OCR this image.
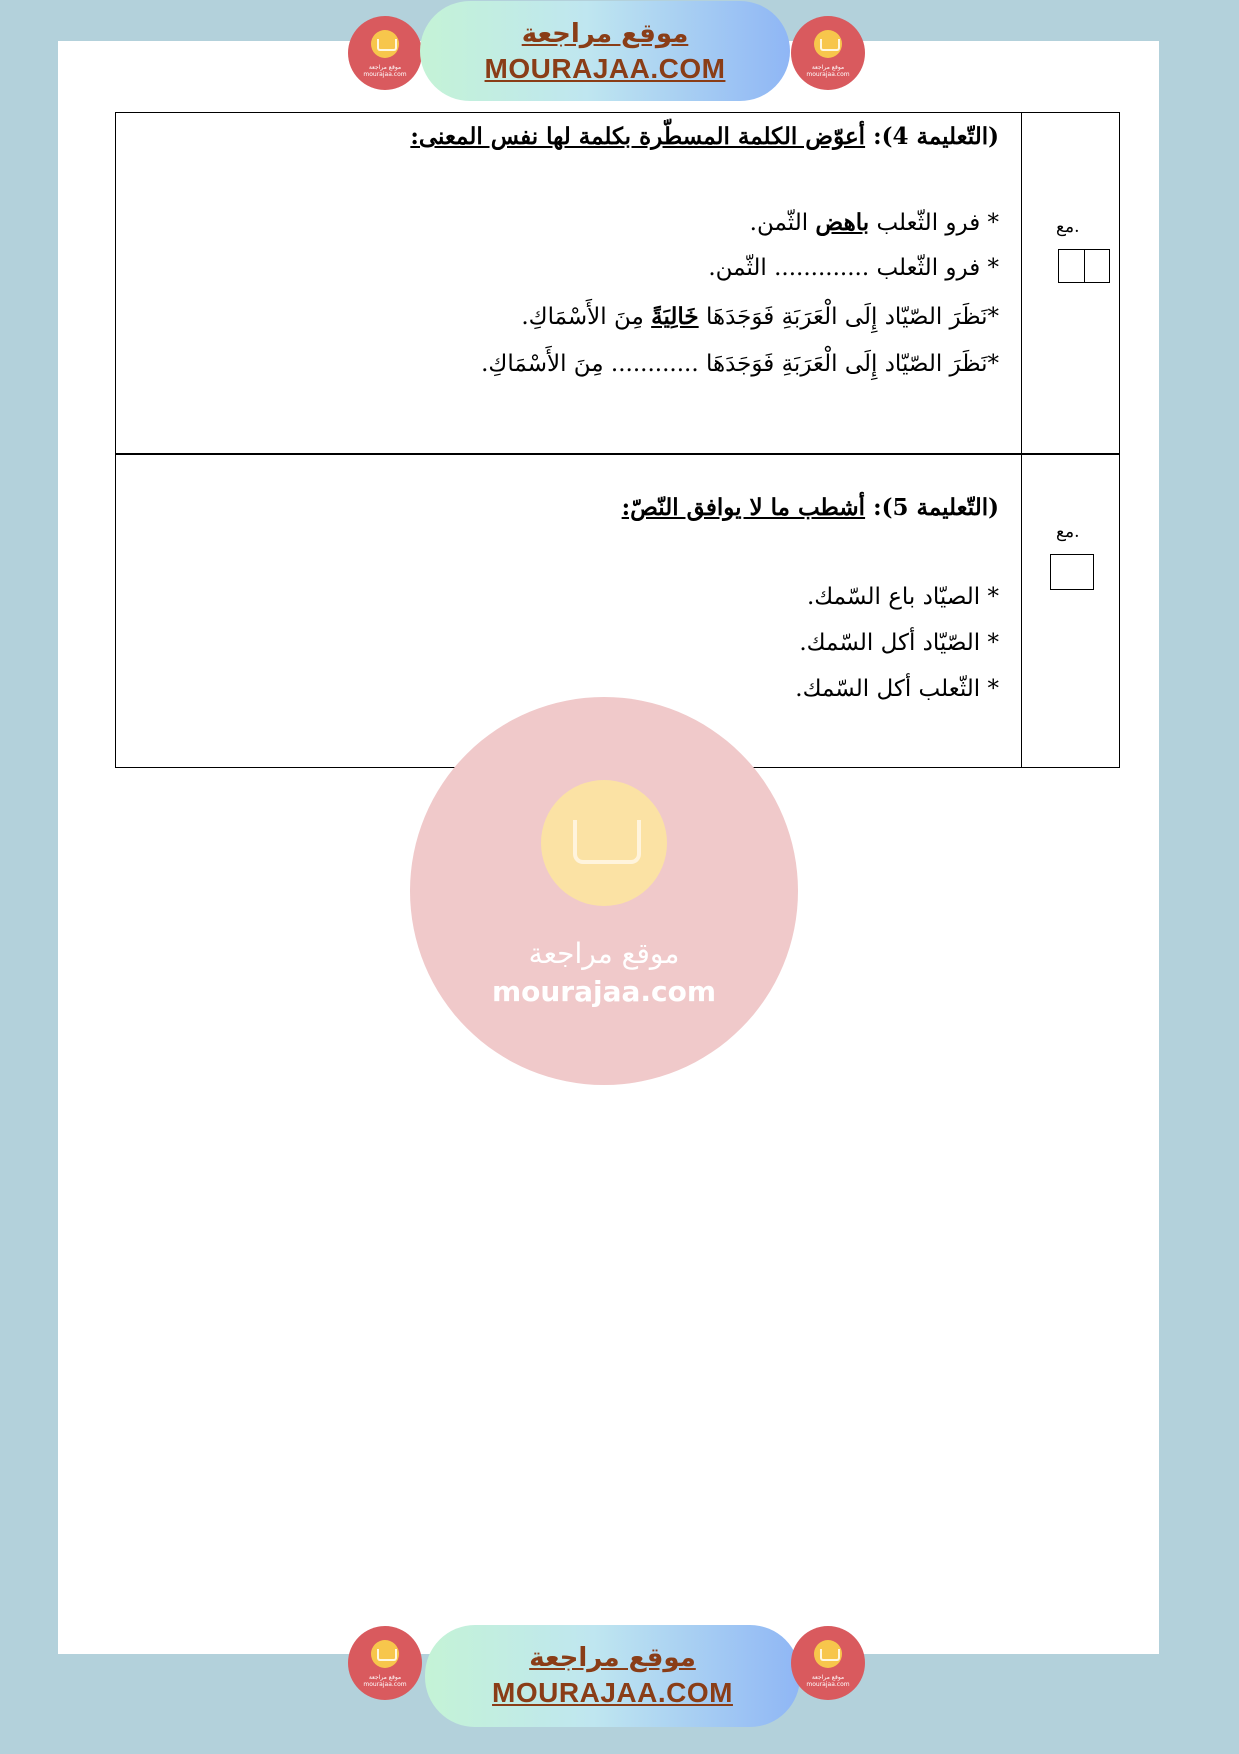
موقع مراجعة mourajaa.com
موقع مراجعة
MOURAJAA.COM	موقع مراجعة mourajaa.com
مع.
(التّعليمة 4): أعوّض الكلمة المسطّرة بكلمة لها نفس المعنى:
* فرو الثّعلب باهض الثّمن.
* فرو الثّعلب ............. الثّمن.
*نَظَرَ الصّيّاد إِلَى الْعَرَبَةِ فَوَجَدَهَا خَالِيَةً مِنَ الأَسْمَاكِ.
*نَظَرَ الصّيّاد إِلَى الْعَرَبَةِ فَوَجَدَهَا ............ مِنَ الأَسْمَاكِ.
مع.
(التّعليمة 5): أشطب ما لا يوافق النّصّ:
* الصيّاد باع السّمك.
* الصّيّاد أكل السّمك.
* الثّعلب أكل السّمك.
موقع مراجعة
mourajaa.com
موقع مراجعة mourajaa.com
موقع مراجعة
MOURAJAA.COM	موقع مراجعة mourajaa.com
